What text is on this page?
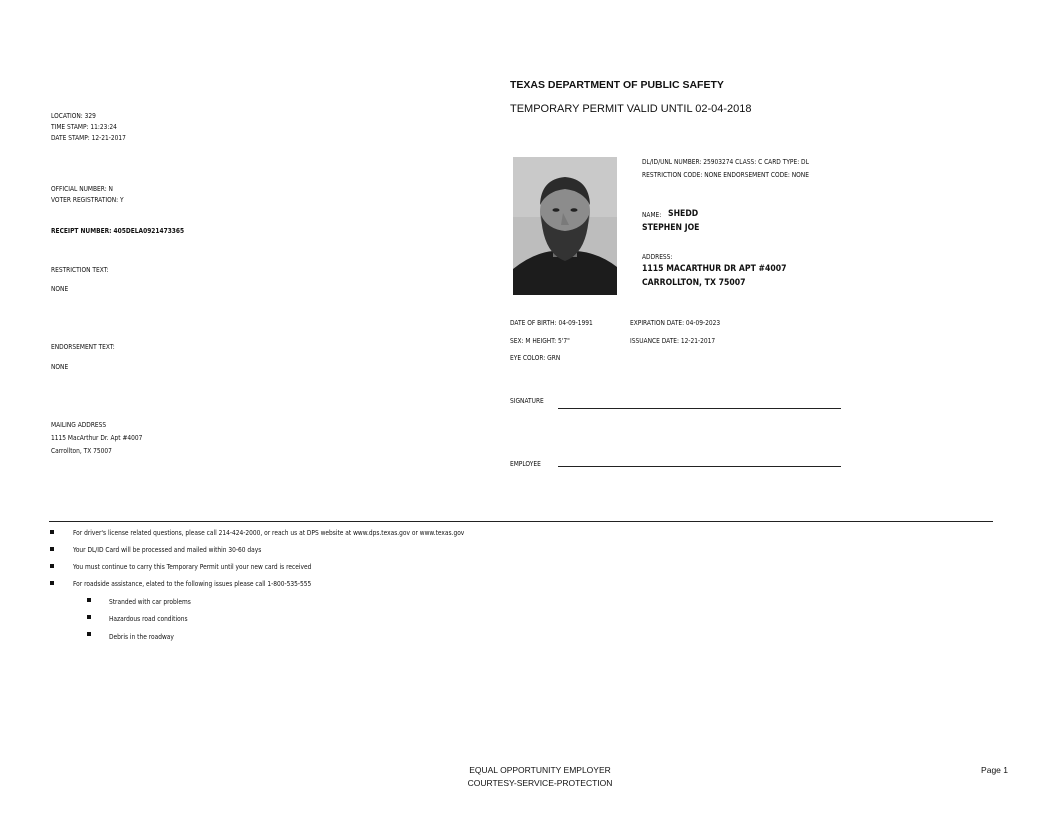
TEXAS DEPARTMENT OF PUBLIC SAFETY
TEMPORARY PERMIT VALID UNTIL 02-04-2018
LOCATION: 329
TIME STAMP: 11:23:24
DATE STAMP: 12-21-2017
OFFICIAL NUMBER: N
VOTER REGISTRATION: Y
RECEIPT NUMBER: 405DELA0921473365
RESTRICTION TEXT:
NONE
ENDORSEMENT TEXT:
NONE
MAILING ADDRESS
1115 MacArthur Dr. Apt #4007
Carrollton, TX 75007
DL/ID/UNL NUMBER: 25903274 CLASS: C CARD TYPE: DL
RESTRICTION CODE: NONE ENDORSEMENT CODE: NONE
NAME: SHEDD
STEPHEN JOE
ADDRESS:
1115 MACARTHUR DR APT #4007
CARROLLTON, TX 75007
DATE OF BIRTH: 04-09-1991	EXPIRATION DATE: 04-09-2023
SEX: M HEIGHT: 5'7"	ISSUANCE DATE: 12-21-2017
EYE COLOR: GRN
SIGNATURE
EMPLOYEE
For driver's license related questions, please call 214-424-2000, or reach us at DPS website at www.dps.texas.gov or www.texas.gov
Your DL/ID Card will be processed and mailed within 30-60 days
You must continue to carry this Temporary Permit until your new card is received
For roadside assistance, elated to the following issues please call 1-800-535-555
Stranded with car problems
Hazardous road conditions
Debris in the roadway
EQUAL OPPORTUNITY EMPLOYER
COURTESY-SERVICE-PROTECTION
Page 1
